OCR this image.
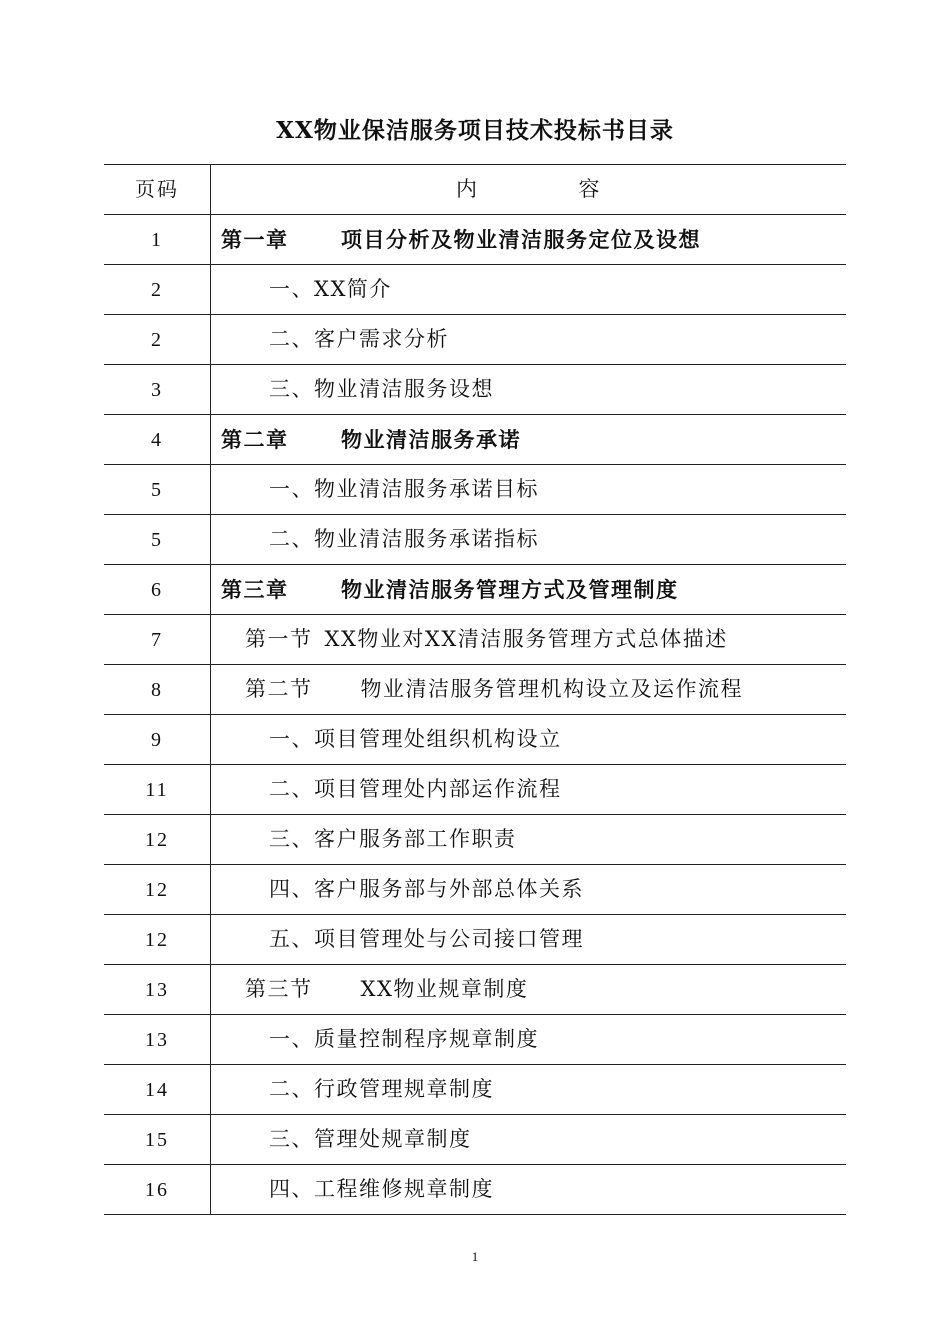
XX物业保洁服务项目技术投标书目录
页码	内 容
1	第一章 项目分析及物业清洁服务定位及设想
2	一、XX简介
2	二、客户需求分析
3	三、物业清洁服务设想
4	第二章 物业清洁服务承诺
5	一、物业清洁服务承诺目标
5	二、物业清洁服务承诺指标
6	第三章 物业清洁服务管理方式及管理制度
7	第一节 XX物业对XX清洁服务管理方式总体描述
8	第二节 物业清洁服务管理机构设立及运作流程
9	一、项目管理处组织机构设立
11	二、项目管理处内部运作流程
12	三、客户服务部工作职责
12	四、客户服务部与外部总体关系
12	五、项目管理处与公司接口管理
13	第三节 XX物业规章制度
13	一、质量控制程序规章制度
14	二、行政管理规章制度
15	三、管理处规章制度
16	四、工程维修规章制度
1
